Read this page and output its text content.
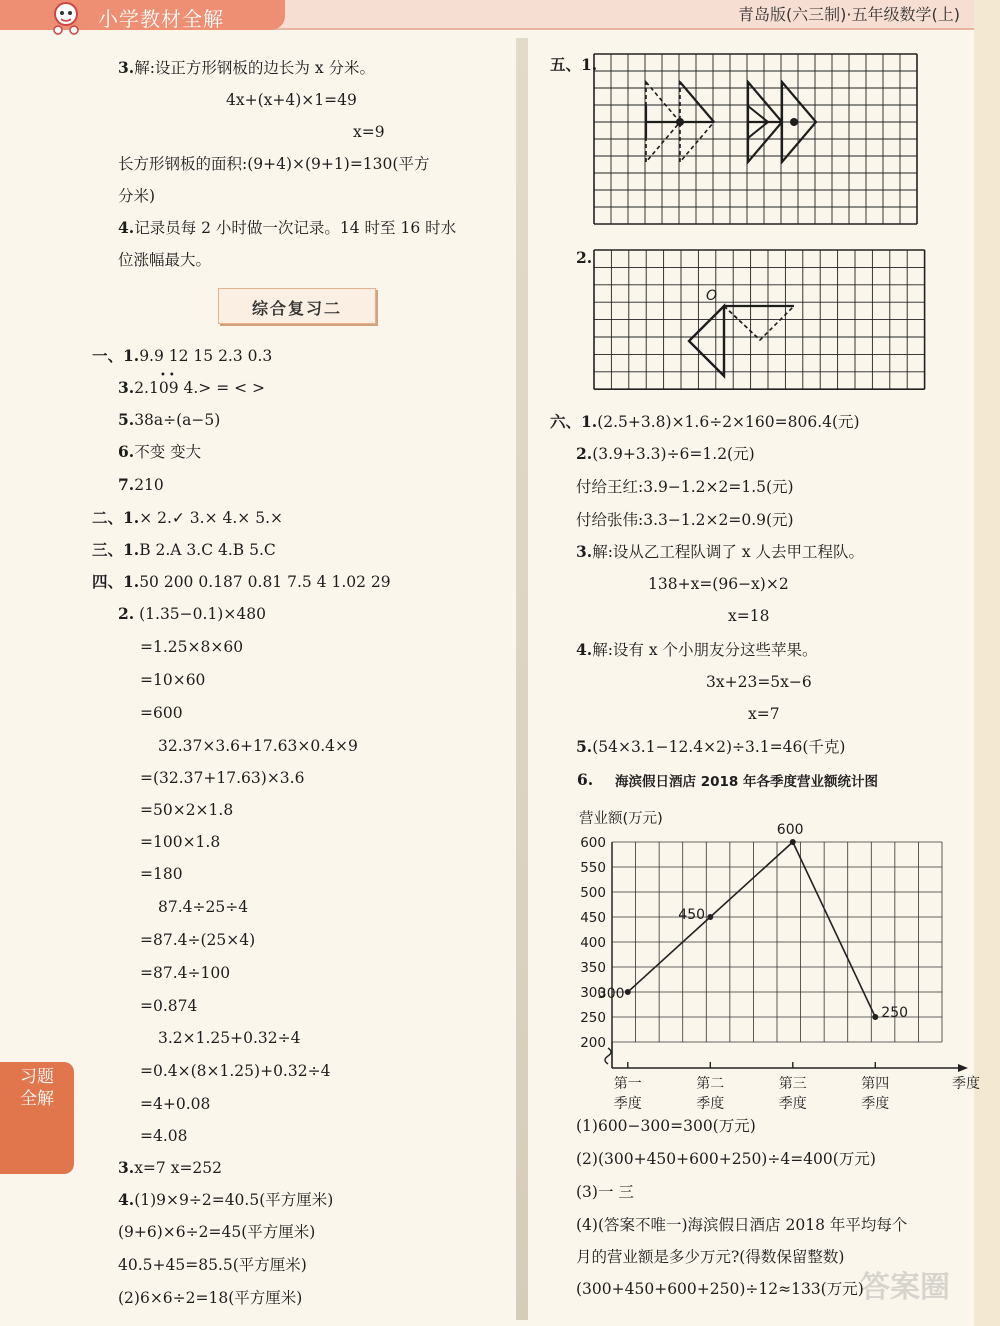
小学教材全解	青岛版(六三制)·五年级数学(上)
习题全解
综合复习二
••
O
6. 海滨假日酒店 2018 年各季度营业额统计图
营业额(万元)
200
250
300
350
400
450
500
550
600
300
第一
季度
450
第二
季度
600
第三
季度
250
第四
季度
季度
答案圈
3.解:设正方形钢板的边长为 x 分米。
4x+(x+4)×1=49
x=9
长方形钢板的面积:(9+4)×(9+1)=130(平方
分米)
4.记录员每 2 小时做一次记录。14 时至 16 时水
位涨幅最大。
一、1.9.9 12 15 2.3 0.3
3.2.109 4.> = < >
5.38a÷(a−5)
6.不变 变大
7.210
二、1.× 2.✓ 3.× 4.× 5.×
三、1.B 2.A 3.C 4.B 5.C
四、1.50 200 0.187 0.81 7.5 4 1.02 29
2. (1.35−0.1)×480
=1.25×8×60
=10×60
=600
32.37×3.6+17.63×0.4×9
=(32.37+17.63)×3.6
=50×2×1.8
=100×1.8
=180
87.4÷25÷4
=87.4÷(25×4)
=87.4÷100
=0.874
3.2×1.25+0.32÷4
=0.4×(8×1.25)+0.32÷4
=4+0.08
=4.08
3.x=7 x=252
4.(1)9×9÷2=40.5(平方厘米)
(9+6)×6÷2=45(平方厘米)
40.5+45=85.5(平方厘米)
(2)6×6÷2=18(平方厘米)
五、1.
2.
六、1.(2.5+3.8)×1.6÷2×160=806.4(元)
2.(3.9+3.3)÷6=1.2(元)
付给王红:3.9−1.2×2=1.5(元)
付给张伟:3.3−1.2×2=0.9(元)
3.解:设从乙工程队调了 x 人去甲工程队。
138+x=(96−x)×2
x=18
4.解:设有 x 个小朋友分这些苹果。
3x+23=5x−6
x=7
5.(54×3.1−12.4×2)÷3.1=46(千克)
(1)600−300=300(万元)
(2)(300+450+600+250)÷4=400(万元)
(3)一 三
(4)(答案不唯一)海滨假日酒店 2018 年平均每个
月的营业额是多少万元?(得数保留整数)
(300+450+600+250)÷12≈133(万元)
